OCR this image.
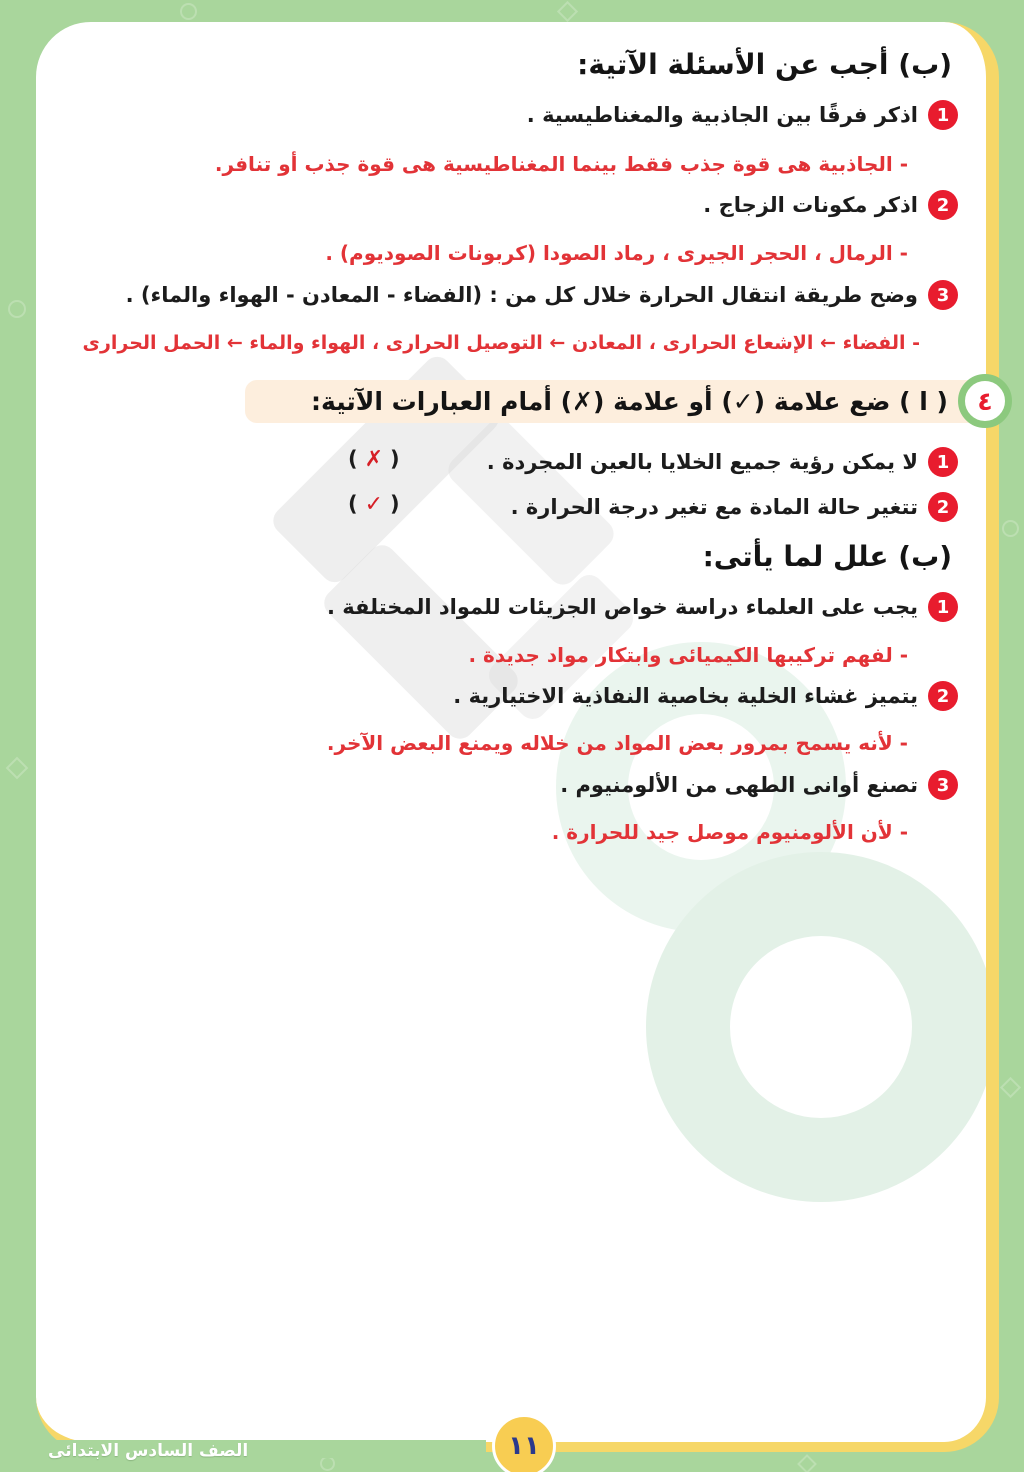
(ب) أجب عن الأسئلة الآتية:
1
اذكر فرقًا بين الجاذبية والمغناطيسية .
- الجاذبية هى قوة جذب فقط بينما المغناطيسية هى قوة جذب أو تنافر.
2
اذكر مكونات الزجاج .
- الرمال ، الحجر الجيرى ، رماد الصودا (كربونات الصوديوم) .
3
وضح طريقة انتقال الحرارة خلال كل من : (الفضاء - المعادن - الهواء والماء) .
- الفضاء ← الإشعاع الحرارى ، المعادن ← التوصيل الحرارى ، الهواء والماء ← الحمل الحرارى
( ا ) ضع علامة (✓) أو علامة (✗) أمام العبارات الآتية:	٤
1
لا يمكن رؤية جميع الخلايا بالعين المجردة .
( ✗ )
2
تتغير حالة المادة مع تغير درجة الحرارة .
( ✓ )
(ب) علل لما يأتى:
1
يجب على العلماء دراسة خواص الجزيئات للمواد المختلفة .
- لفهم تركيبها الكيميائى وابتكار مواد جديدة .
2
يتميز غشاء الخلية بخاصية النفاذية الاختيارية .
- لأنه يسمح بمرور بعض المواد من خلاله ويمنع البعض الآخر.
3
تصنع أوانى الطهى من الألومنيوم .
- لأن الألومنيوم موصل جيد للحرارة .
الصف السادس الابتدائى	١١
